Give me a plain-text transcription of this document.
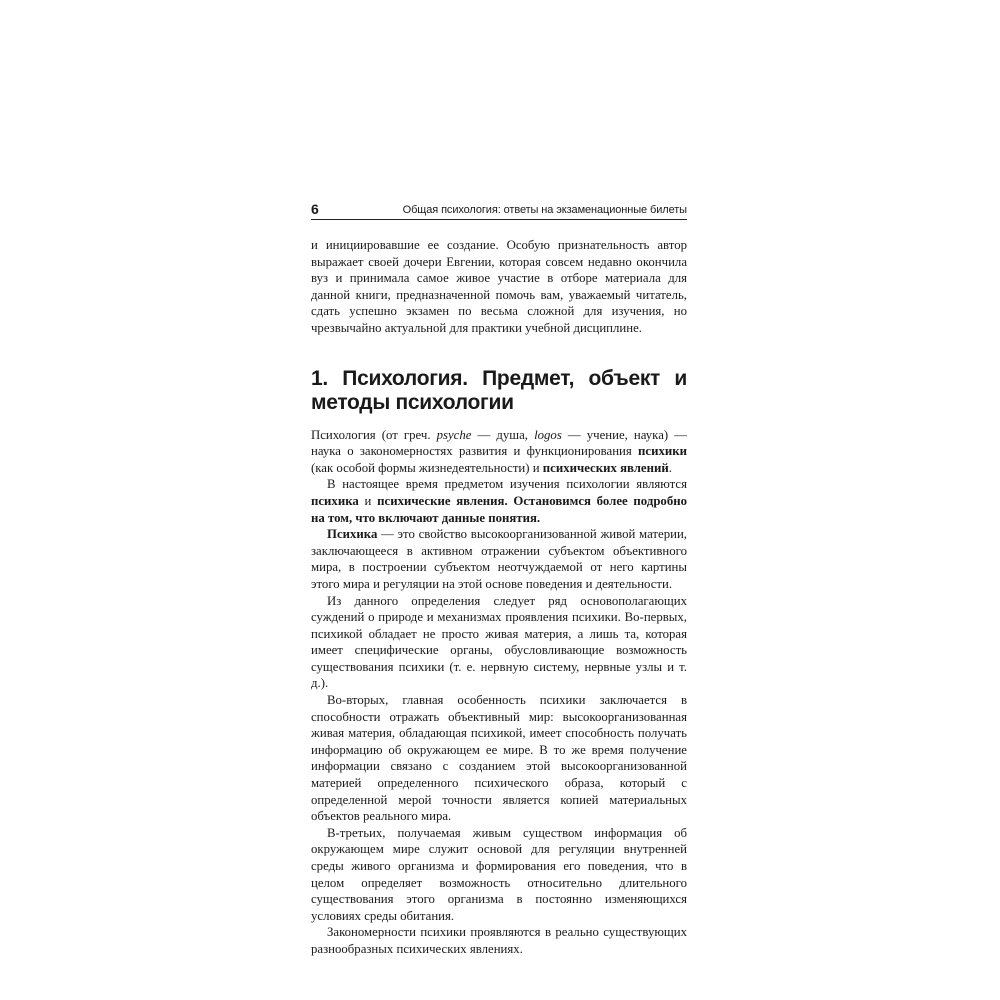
6	Общая психология: ответы на экзаменационные билеты

и инициировавшие ее создание. Особую признательность автор выражает своей дочери Евгении, которая совсем недавно окончила вуз и принимала самое живое участие в отборе материала для данной книги, предназначенной помочь вам, уважаемый читатель, сдать успешно экзамен по весьма сложной для изучения, но чрезвычайно актуальной для практики учебной дисциплине.

1. Психология. Предмет, объект и методы психологии

Психология (от греч. psyche — душа, logos — учение, наука) — наука о закономерностях развития и функционирования психики (как особой формы жизнедеятельности) и психических явлений.

В настоящее время предметом изучения психологии являются психика и психические явления. Остановимся более подробно на том, что включают данные понятия.

Психика — это свойство высокоорганизованной живой материи, заключающееся в активном отражении субъектом объективного мира, в построении субъектом неотчуждаемой от него картины этого мира и регуляции на этой основе поведения и деятельности.

Из данного определения следует ряд основополагающих суждений о природе и механизмах проявления психики. Во-первых, психикой обладает не просто живая материя, а лишь та, которая имеет специфические органы, обусловливающие возможность существования психики (т. е. нервную систему, нервные узлы и т. д.).

Во-вторых, главная особенность психики заключается в способности отражать объективный мир: высокоорганизованная живая материя, обладающая психикой, имеет способность получать информацию об окружающем ее мире. В то же время получение информации связано с созданием этой высокоорганизованной материей определенного психического образа, который с определенной мерой точности является копией материальных объектов реального мира.

В-третьих, получаемая живым существом информация об окружающем мире служит основой для регуляции внутренней среды живого организма и формирования его поведения, что в целом определяет возможность относительно длительного существования этого организма в постоянно изменяющихся условиях среды обитания.

Закономерности психики проявляются в реально существующих разнообразных психических явлениях.
